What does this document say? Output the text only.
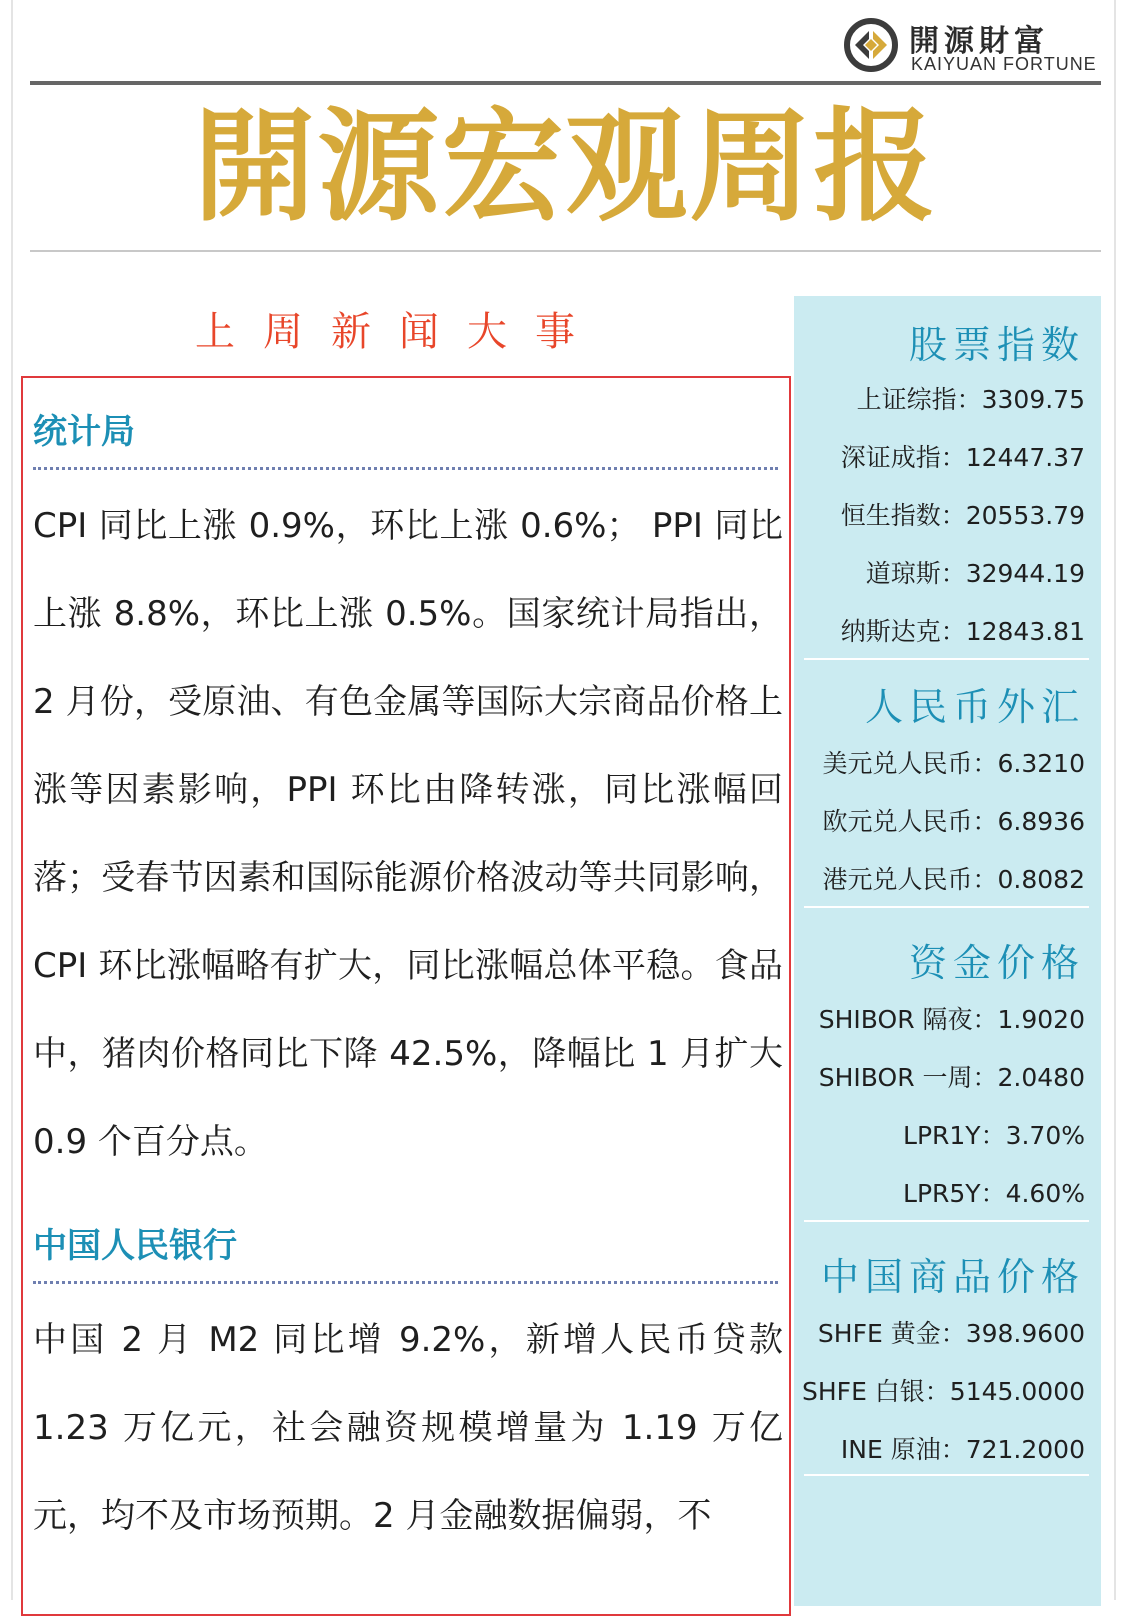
開源財富
KAIYUAN FORTUNE
開源宏观周报
上周新闻大事
统计局
CPI 同比上涨 0.9%，环比上涨 0.6%； PPI 同比上涨 8.8%，环比上涨 0.5%。国家统计局指出，2 月份，受原油、有色金属等国际大宗商品价格上涨等因素影响，PPI 环比由降转涨，同比涨幅回落；受春节因素和国际能源价格波动等共同影响，CPI 环比涨幅略有扩大，同比涨幅总体平稳。食品中，猪肉价格同比下降 42.5%，降幅比 1 月扩大 0.9 个百分点。
中国人民银行
中国 2 月 M2 同比增 9.2%，新增人民币贷款 1.23 万亿元，社会融资规模增量为 1.19 万亿元，均不及市场预期。2 月金融数据偏弱，不
股票指数
上证综指：3309.75
深证成指：12447.37
恒生指数：20553.79
道琼斯：32944.19
纳斯达克：12843.81
人民币外汇
美元兑人民币：6.3210
欧元兑人民币：6.8936
港元兑人民币：0.8082
资金价格
SHIBOR 隔夜：1.9020
SHIBOR 一周：2.0480
LPR1Y：3.70%
LPR5Y：4.60%
中国商品价格
SHFE 黄金：398.9600
SHFE 白银：5145.0000
INE 原油：721.2000
